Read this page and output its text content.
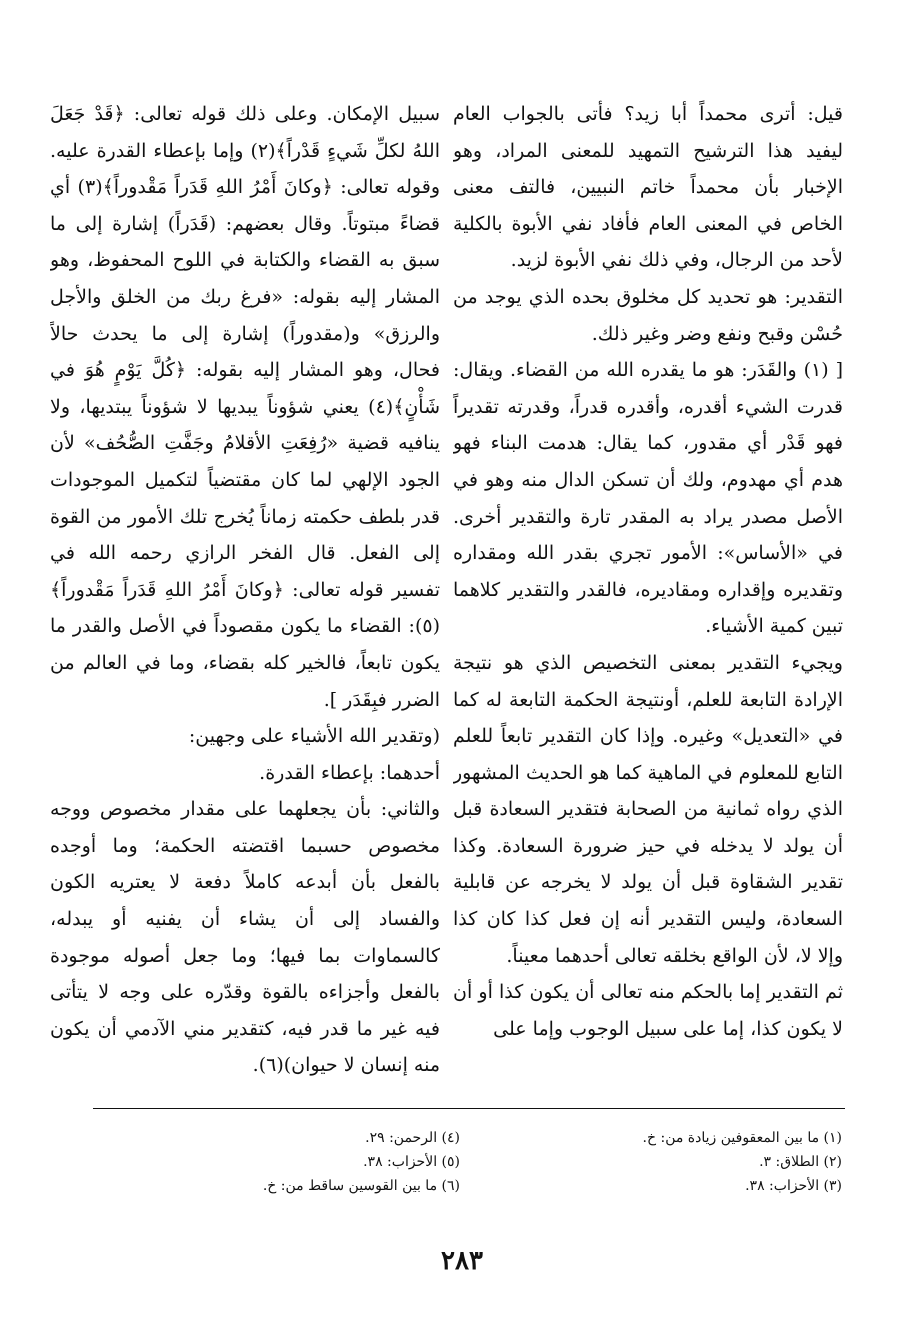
قيل: أترى محمداً أبا زيد؟ فأتى بالجواب العام ليفيد هذا الترشيح التمهيد للمعنى المراد، وهو الإخبار بأن محمداً خاتم النبيين، فالتف معنى الخاص في المعنى العام فأفاد نفي الأبوة بالكلية لأحد من الرجال، وفي ذلك نفي الأبوة لزيد.

التقدير: هو تحديد كل مخلوق بحده الذي يوجد من حُسْن وقبح ونفع وضر وغير ذلك.

[ (١) والقَدَر: هو ما يقدره الله من القضاء. ويقال: قدرت الشيء أقدره، وأقدره قدراً، وقدرته تقديراً فهو قَدْر أي مقدور، كما يقال: هدمت البناء فهو هدم أي مهدوم، ولك أن تسكن الدال منه وهو في الأصل مصدر يراد به المقدر تارة والتقدير أخرى. في «الأساس»: الأمور تجري بقدر الله ومقداره وتقديره وإقداره ومقاديره، فالقدر والتقدير كلاهما تبين كمية الأشياء.

ويجيء التقدير بمعنى التخصيص الذي هو نتيجة الإرادة التابعة للعلم، أونتيجة الحكمة التابعة له كما في «التعديل» وغيره. وإذا كان التقدير تابعاً للعلم التابع للمعلوم في الماهية كما هو الحديث المشهور الذي رواه ثمانية من الصحابة فتقدير السعادة قبل أن يولد لا يدخله في حيز ضرورة السعادة. وكذا تقدير الشقاوة قبل أن يولد لا يخرجه عن قابلية السعادة، وليس التقدير أنه إن فعل كذا كان كذا وإلا لا، لأن الواقع بخلقه تعالى أحدهما معيناً.

ثم التقدير إما بالحكم منه تعالى أن يكون كذا أو أن لا يكون كذا، إما على سبيل الوجوب وإما على

سبيل الإمكان. وعلى ذلك قوله تعالى: ﴿قَدْ جَعَلَ اللهُ لكلِّ شَيءٍ قَدْراً﴾(٢) وإما بإعطاء القدرة عليه. وقوله تعالى: ﴿وكانَ أَمْرُ اللهِ قَدَراً مَقْدوراً﴾(٣) أي قضاءً مبتوتاً. وقال بعضهم: (قَدَراً) إشارة إلى ما سبق به القضاء والكتابة في اللوح المحفوظ، وهو المشار إليه بقوله: «فرغ ربك من الخلق والأجل والرزق» و(مقدوراً) إشارة إلى ما يحدث حالاً فحال، وهو المشار إليه بقوله: ﴿كُلَّ يَوْمٍ هُوَ في شَأْنٍ﴾(٤) يعني شؤوناً يبديها لا شؤوناً يبتديها، ولا ينافيه قضية «رُفِعَتِ الأقلامُ وجَفَّتِ الصُّحُف» لأن الجود الإلهي لما كان مقتضياً لتكميل الموجودات قدر بلطف حكمته زماناً يُخرج تلك الأمور من القوة إلى الفعل. قال الفخر الرازي رحمه الله في تفسير قوله تعالى: ﴿وكانَ أَمْرُ اللهِ قَدَراً مَقْدوراً﴾(٥): القضاء ما يكون مقصوداً في الأصل والقدر ما يكون تابعاً، فالخير كله بقضاء، وما في العالم من الضرر فبِقَدَر ].

(وتقدير الله الأشياء على وجهين:

أحدهما: بإعطاء القدرة.

والثاني: بأن يجعلهما على مقدار مخصوص ووجه مخصوص حسبما اقتضته الحكمة؛ وما أوجده بالفعل بأن أبدعه كاملاً دفعة لا يعتريه الكون والفساد إلى أن يشاء أن يفنيه أو يبدله، كالسماوات بما فيها؛ وما جعل أصوله موجودة بالفعل وأجزاءه بالقوة وقدّره على وجه لا يتأتى فيه غير ما قدر فيه، كتقدير مني الآدمي أن يكون منه إنسان لا حيوان)(٦).

(١) ما بين المعقوفين زيادة من: خ.
(٢) الطلاق: ٣.
(٣) الأحزاب: ٣٨.
(٤) الرحمن: ٢٩.
(٥) الأحزاب: ٣٨.
(٦) ما بين القوسين ساقط من: خ.
٢٨٣
